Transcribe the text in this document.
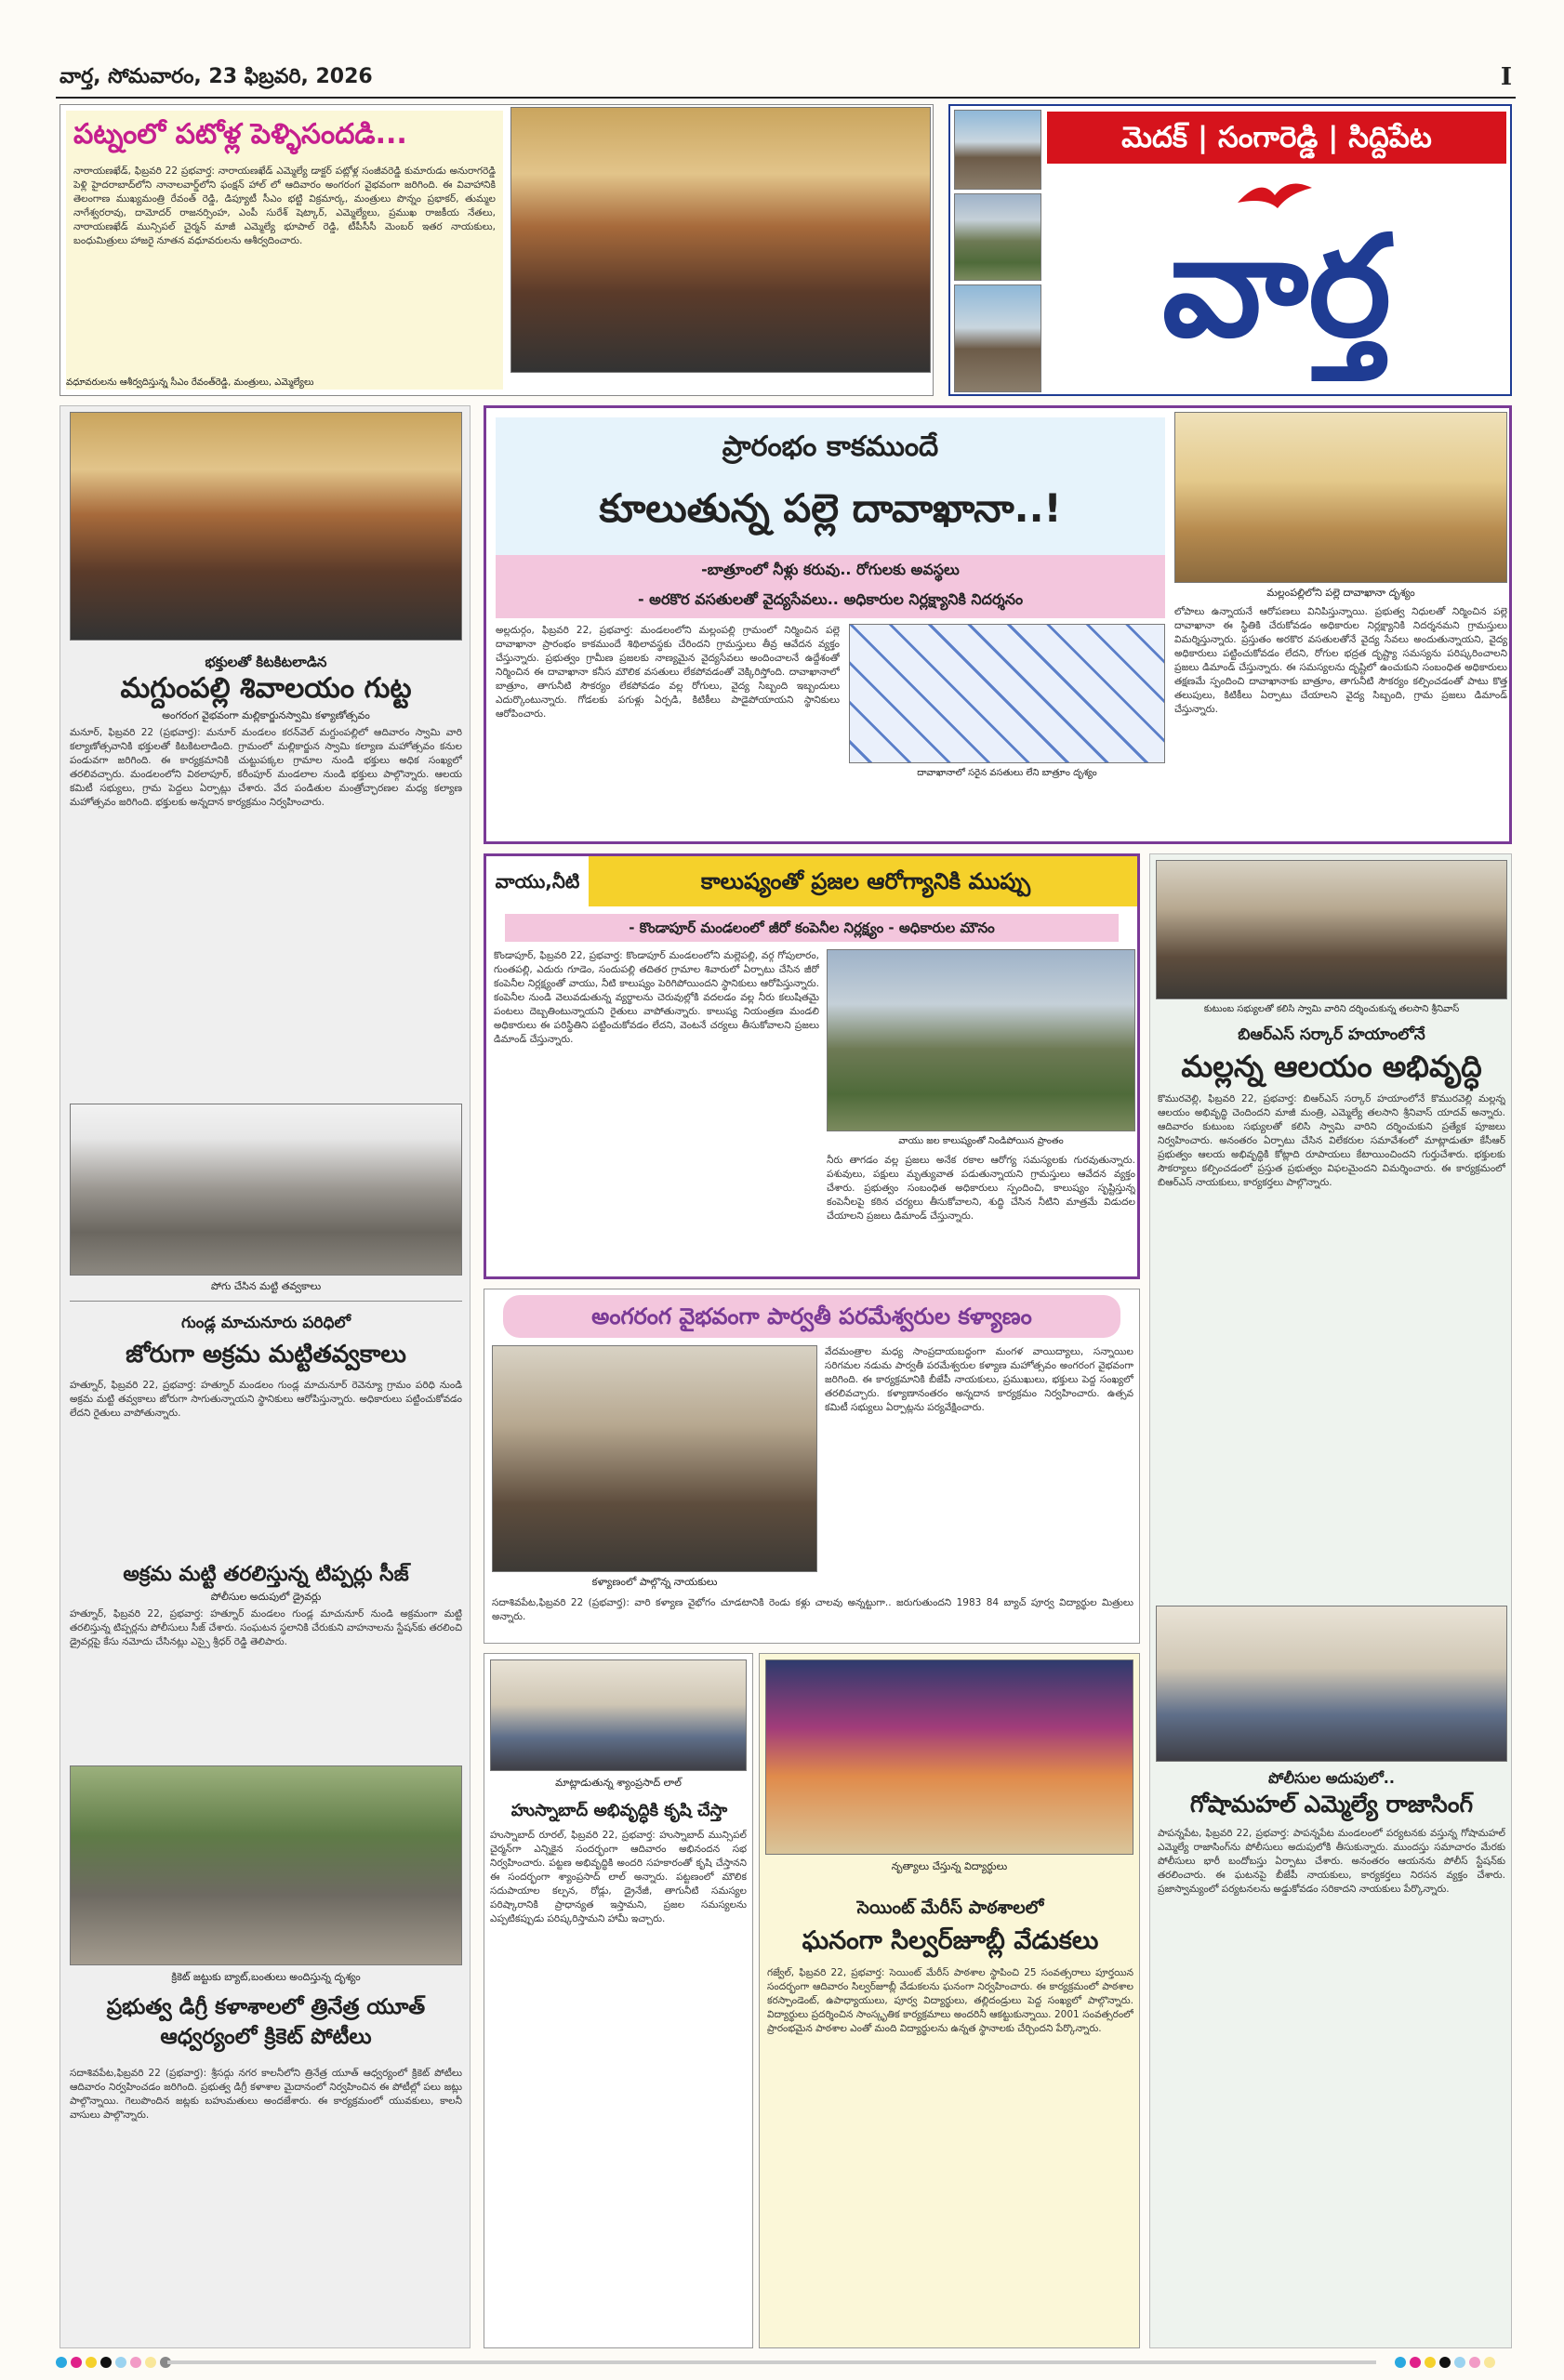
వార్త, సోమవారం, 23 ఫిబ్రవరి, 2026	I
పట్నంలో పటోళ్ల పెళ్ళిసందడి...
నారాయణఖేడ్, ఫిబ్రవరి 22 ప్రభవార్త: నారాయణఖేడ్ ఎమ్మెల్యే డాక్టర్ పట్లోళ్ల సంజీవరెడ్డి కుమారుడు అనురాగరెడ్డి పెళ్లి హైదరాబాద్‌లోని నానాలవార్డ్‌లోని ఫంక్షన్ హాల్ లో ఆదివారం అంగరంగ వైభవంగా జరిగింది. ఈ వివాహానికి తెలంగాణ ముఖ్యమంత్రి రేవంత్ రెడ్డి, డిప్యూటీ సీఎం భట్టి విక్రమార్క, మంత్రులు పొన్నం ప్రభాకర్, తుమ్మల నాగేశ్వరరావు, దామోదర్ రాజనర్సింహ, ఎంపీ సురేశ్ షెట్కార్, ఎమ్మెల్యేలు, ప్రముఖ రాజకీయ నేతలు, నారాయణఖేడ్ మున్సిపల్ చైర్మన్ మాజీ ఎమ్మెల్యే భూపాల్ రెడ్డి, టీపీసీసీ మెంబర్ ఇతర నాయకులు, బంధుమిత్రులు హాజరై నూతన వధూవరులను ఆశీర్వదించారు.
వధూవరులను ఆశీర్వదిస్తున్న సీఎం రేవంత్‌రెడ్డి, మంత్రులు, ఎమ్మెల్యేలు
మెదక్ | సంగారెడ్డి | సిద్దిపేట
వార్త
భక్తులతో కిటకిటలాడిన
మగ్దుంపల్లి శివాలయం గుట్ట
అంగరంగ వైభవంగా మల్లికార్జునస్వామి కళ్యాణోత్సవం
మనూర్, ఫిబ్రవరి 22 (ప్రభవార్త): మనూర్ మండలం కరన్‌వెల్ మగ్దుంపల్లిలో ఆదివారం స్వామి వారి కల్యాణోత్సవానికి భక్తులతో కిటకిటలాడింది. గ్రామంలో మల్లికార్జున స్వామి కల్యాణ మహోత్సవం కనుల పండువగా జరిగింది. ఈ కార్యక్రమానికి చుట్టుపక్కల గ్రామాల నుండి భక్తులు అధిక సంఖ్యలో తరలివచ్చారు. మండలంలోని విఠలాపూర్, కరీంపూర్ మండలాల నుండి భక్తులు పాల్గొన్నారు. ఆలయ కమిటీ సభ్యులు, గ్రామ పెద్దలు ఏర్పాట్లు చేశారు. వేద పండితుల మంత్రోచ్ఛారణల మధ్య కల్యాణ మహోత్సవం జరిగింది. భక్తులకు అన్నదాన కార్యక్రమం నిర్వహించారు.
పోగు చేసిన మట్టి తవ్వకాలు
గుండ్ల మాచునూరు పరిధిలో
జోరుగా అక్రమ మట్టితవ్వకాలు
హత్నూర్, ఫిబ్రవరి 22, ప్రభవార్త: హత్నూర్ మండలం గుండ్ల మాచునూర్ రెవెన్యూ గ్రామం పరిధి నుండి అక్రమ మట్టి తవ్వకాలు జోరుగా సాగుతున్నాయని స్థానికులు ఆరోపిస్తున్నారు. అధికారులు పట్టించుకోవడం లేదని రైతులు వాపోతున్నారు.
అక్రమ మట్టి తరలిస్తున్న టిప్పర్లు సీజ్
పోలీసుల అదుపులో డ్రైవర్లు
హత్నూర్, ఫిబ్రవరి 22, ప్రభవార్త: హత్నూర్ మండలం గుండ్ల మాచునూర్ నుండి అక్రమంగా మట్టి తరలిస్తున్న టిప్పర్లను పోలీసులు సీజ్ చేశారు. సంఘటన స్థలానికి చేరుకుని వాహనాలను స్టేషన్‌కు తరలించి డ్రైవర్లపై కేసు నమోదు చేసినట్లు ఎస్సై శ్రీధర్ రెడ్డి తెలిపారు.
క్రికెట్ జట్టుకు బ్యాట్,బంతులు అందిస్తున్న దృశ్యం
ప్రభుత్వ డిగ్రీ కళాశాలలో త్రినేత్ర యూత్ ఆధ్వర్యంలో క్రికెట్ పోటీలు
సదాశివపేట,ఫిబ్రవరి 22 (ప్రభవార్త): శ్రీసద్గు నగర కాలనీలోని త్రినేత్ర యూత్ ఆధ్వర్యంలో క్రికెట్ పోటీలు ఆదివారం నిర్వహించడం జరిగింది. ప్రభుత్వ డిగ్రీ కళాశాల మైదానంలో నిర్వహించిన ఈ పోటీల్లో పలు జట్లు పాల్గొన్నాయి. గెలుపొందిన జట్లకు బహుమతులు అందజేశారు. ఈ కార్యక్రమంలో యువకులు, కాలనీ వాసులు పాల్గొన్నారు.
ప్రారంభం కాకముందే
కూలుతున్న పల్లె దావాఖానా..!
-బాత్రూంలో నీళ్లు కరువు.. రోగులకు అవస్థలు
- అరకొర వసతులతో వైద్యసేవలు.. అధికారుల నిర్లక్ష్యానికి నిదర్శనం	మల్లంపల్లిలోని పల్లె దావాఖానా దృశ్యం
అల్లదుర్గం, ఫిబ్రవరి 22, ప్రభవార్త: మండలంలోని మల్లంపల్లి గ్రామంలో నిర్మించిన పల్లె దావాఖానా ప్రారంభం కాకముందే శిథిలావస్థకు చేరిందని గ్రామస్తులు తీవ్ర ఆవేదన వ్యక్తం చేస్తున్నారు. ప్రభుత్వం గ్రామీణ ప్రజలకు నాణ్యమైన వైద్యసేవలు అందించాలనే ఉద్దేశంతో నిర్మించిన ఈ దావాఖానా కనీస మౌలిక వసతులు లేకపోవడంతో వెక్కిరిస్తోంది. దావాఖానాలో బాత్రూం, తాగునీటి సౌకర్యం లేకపోవడం వల్ల రోగులు, వైద్య సిబ్బంది ఇబ్బందులు ఎదుర్కొంటున్నారు. గోడలకు పగుళ్లు ఏర్పడి, కిటికీలు పాడైపోయాయని స్థానికులు ఆరోపించారు.
దావాఖానాలో సరైన వసతులు లేని బాత్రూం దృశ్యం
లోపాలు ఉన్నాయనే ఆరోపణలు వినిపిస్తున్నాయి. ప్రభుత్వ నిధులతో నిర్మించిన పల్లె దావాఖానా ఈ స్థితికి చేరుకోవడం అధికారుల నిర్లక్ష్యానికి నిదర్శనమని గ్రామస్తులు విమర్శిస్తున్నారు. ప్రస్తుతం అరకొర వసతులతోనే వైద్య సేవలు అందుతున్నాయని, వైద్య అధికారులు పట్టించుకోవడం లేదని, రోగుల భద్రత దృష్ట్యా సమస్యను పరిష్కరించాలని ప్రజలు డిమాండ్ చేస్తున్నారు. ఈ సమస్యలను దృష్టిలో ఉంచుకుని సంబంధిత అధికారులు తక్షణమే స్పందించి దావాఖానాకు బాత్రూం, తాగునీటి సౌకర్యం కల్పించడంతో పాటు కొత్త తలుపులు, కిటికీలు ఏర్పాటు చేయాలని వైద్య సిబ్బంది, గ్రామ ప్రజలు డిమాండ్ చేస్తున్నారు.
వాయు,నీటి	కాలుష్యంతో ప్రజల ఆరోగ్యానికి ముప్పు
- కొండాపూర్ మండలంలో జీరో కంపెనీల నిర్లక్ష్యం - అధికారుల మౌనం
కొండాపూర్, ఫిబ్రవరి 22, ప్రభవార్త: కొండాపూర్ మండలంలోని మల్లెపల్లి, వర్గ గోపులారం, గుంతపల్లి, ఎదురు గూడెం, సందుపల్లి తదితర గ్రామాల శివారులో ఏర్పాటు చేసిన జీరో కంపెనీల నిర్లక్ష్యంతో వాయు, నీటి కాలుష్యం పెరిగిపోయిందని స్థానికులు ఆరోపిస్తున్నారు. కంపెనీల నుండి వెలువడుతున్న వ్యర్థాలను చెరువుల్లోకి వదలడం వల్ల నీరు కలుషితమై పంటలు దెబ్బతింటున్నాయని రైతులు వాపోతున్నారు. కాలుష్య నియంత్రణ మండలి అధికారులు ఈ పరిస్థితిని పట్టించుకోవడం లేదని, వెంటనే చర్యలు తీసుకోవాలని ప్రజలు డిమాండ్ చేస్తున్నారు.
వాయు జల కాలుష్యంతో నిండిపోయిన ప్రాంతం
నీరు తాగడం వల్ల ప్రజలు అనేక రకాల ఆరోగ్య సమస్యలకు గురవుతున్నారు. పశువులు, పక్షులు మృత్యువాత పడుతున్నాయని గ్రామస్తులు ఆవేదన వ్యక్తం చేశారు. ప్రభుత్వం సంబంధిత అధికారులు స్పందించి, కాలుష్యం సృష్టిస్తున్న కంపెనీలపై కఠిన చర్యలు తీసుకోవాలని, శుద్ధి చేసిన నీటిని మాత్రమే విడుదల చేయాలని ప్రజలు డిమాండ్ చేస్తున్నారు.
అంగరంగ వైభవంగా పార్వతీ పరమేశ్వరుల కళ్యాణం
కళ్యాణంలో పాల్గొన్న నాయకులు
వేదమంత్రాల మధ్య సాంప్రదాయబద్ధంగా మంగళ వాయిద్యాలు, సన్నాయిల సరిగమల నడుమ పార్వతీ పరమేశ్వరుల కళ్యాణ మహోత్సవం అంగరంగ వైభవంగా జరిగింది. ఈ కార్యక్రమానికి బీజేపీ నాయకులు, ప్రముఖులు, భక్తులు పెద్ద సంఖ్యలో తరలివచ్చారు. కళ్యాణానంతరం అన్నదాన కార్యక్రమం నిర్వహించారు. ఉత్సవ కమిటీ సభ్యులు ఏర్పాట్లను పర్యవేక్షించారు.
సదాశివపేట,ఫిబ్రవరి 22 (ప్రభవార్త): వారి కళ్యాణ వైభోగం చూడటానికి రెండు కళ్లు చాలవు అన్నట్టుగా.. జరుగుతుందని 1983 84 బ్యాచ్ పూర్వ విద్యార్థుల మిత్రులు అన్నారు.
మాట్లాడుతున్న శ్యాంప్రసాద్ లాల్
హుస్నాబాద్ అభివృద్ధికి కృషి చేస్తా
హుస్నాబాద్ రూరల్, ఫిబ్రవరి 22, ప్రభవార్త: హుస్నాబాద్ మున్సిపల్ చైర్మన్‌గా ఎన్నికైన సందర్భంగా ఆదివారం అభినందన సభ నిర్వహించారు. పట్టణ అభివృద్ధికి అందరి సహకారంతో కృషి చేస్తానని ఈ సందర్భంగా శ్యాంప్రసాద్ లాల్ అన్నారు. పట్టణంలో మౌలిక సదుపాయాల కల్పన, రోడ్లు, డ్రైనేజీ, తాగునీటి సమస్యల పరిష్కారానికి ప్రాధాన్యత ఇస్తామని, ప్రజల సమస్యలను ఎప్పటికప్పుడు పరిష్కరిస్తామని హామీ ఇచ్చారు.
నృత్యాలు చేస్తున్న విద్యార్థులు
సెయింట్ మేరీస్ పాఠశాలలో
ఘనంగా సిల్వర్‌జూబ్లీ వేడుకలు
గజ్వేల్, ఫిబ్రవరి 22, ప్రభవార్త: సెయింట్ మేరీస్ పాఠశాల స్థాపించి 25 సంవత్సరాలు పూర్తయిన సందర్భంగా ఆదివారం సిల్వర్‌జూబ్లీ వేడుకలను ఘనంగా నిర్వహించారు. ఈ కార్యక్రమంలో పాఠశాల కరస్పాండెంట్, ఉపాధ్యాయులు, పూర్వ విద్యార్థులు, తల్లిదండ్రులు పెద్ద సంఖ్యలో పాల్గొన్నారు. విద్యార్థులు ప్రదర్శించిన సాంస్కృతిక కార్యక్రమాలు అందరినీ ఆకట్టుకున్నాయి. 2001 సంవత్సరంలో ప్రారంభమైన పాఠశాల ఎంతో మంది విద్యార్థులను ఉన్నత స్థానాలకు చేర్చిందని పేర్కొన్నారు.
కుటుంబ సభ్యులతో కలిసి స్వామి వారిని దర్శించుకున్న తలసాని శ్రీనివాస్
బిఆర్ఎస్ సర్కార్ హయాంలోనే
మల్లన్న ఆలయం అభివృద్ధి
కొమురవెల్లి, ఫిబ్రవరి 22, ప్రభవార్త: బిఆర్ఎస్ సర్కార్ హయాంలోనే కొమురవెల్లి మల్లన్న ఆలయం అభివృద్ధి చెందిందని మాజీ మంత్రి, ఎమ్మెల్యే తలసాని శ్రీనివాస్ యాదవ్ అన్నారు. ఆదివారం కుటుంబ సభ్యులతో కలిసి స్వామి వారిని దర్శించుకుని ప్రత్యేక పూజలు నిర్వహించారు. అనంతరం ఏర్పాటు చేసిన విలేకరుల సమావేశంలో మాట్లాడుతూ కేసీఆర్ ప్రభుత్వం ఆలయ అభివృద్ధికి కోట్లాది రూపాయలు కేటాయించిందని గుర్తుచేశారు. భక్తులకు సౌకర్యాలు కల్పించడంలో ప్రస్తుత ప్రభుత్వం విఫలమైందని విమర్శించారు. ఈ కార్యక్రమంలో బిఆర్ఎస్ నాయకులు, కార్యకర్తలు పాల్గొన్నారు.
పోలీసుల అదుపులో..
గోషామహల్ ఎమ్మెల్యే రాజాసింగ్
పాపన్నపేట, ఫిబ్రవరి 22, ప్రభవార్త: పాపన్నపేట మండలంలో పర్యటనకు వస్తున్న గోషామహల్ ఎమ్మెల్యే రాజాసింగ్‌ను పోలీసులు అదుపులోకి తీసుకున్నారు. ముందస్తు సమాచారం మేరకు పోలీసులు భారీ బందోబస్తు ఏర్పాటు చేశారు. అనంతరం ఆయనను పోలీస్ స్టేషన్‌కు తరలించారు. ఈ ఘటనపై బీజేపీ నాయకులు, కార్యకర్తలు నిరసన వ్యక్తం చేశారు. ప్రజాస్వామ్యంలో పర్యటనలను అడ్డుకోవడం సరికాదని నాయకులు పేర్కొన్నారు.
